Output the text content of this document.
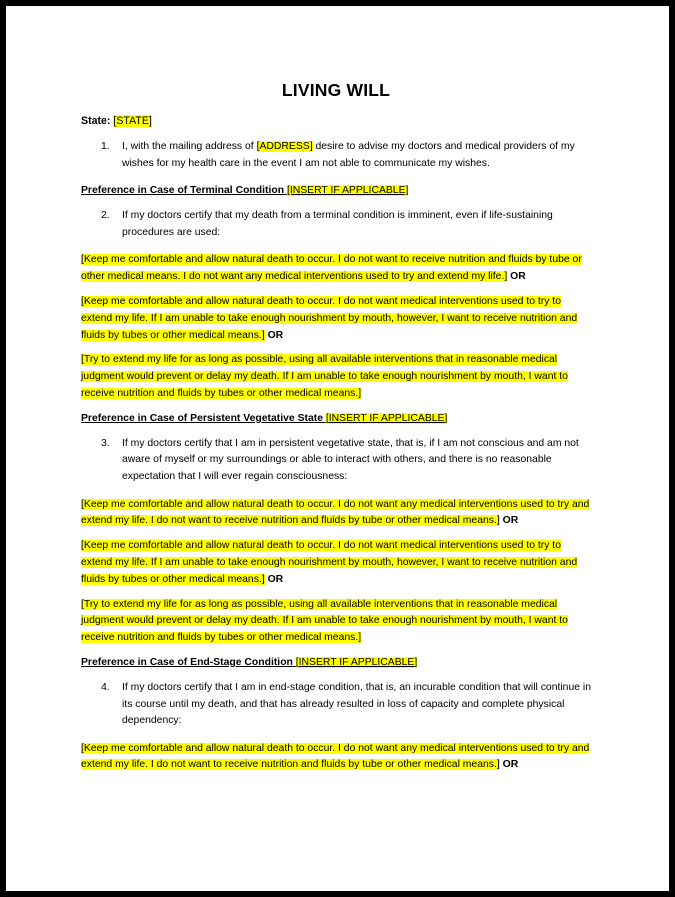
LIVING WILL
State: [STATE]
1. I, with the mailing address of [ADDRESS] desire to advise my doctors and medical providers of my wishes for my health care in the event I am not able to communicate my wishes.
Preference in Case of Terminal Condition [INSERT IF APPLICABLE]
2. If my doctors certify that my death from a terminal condition is imminent, even if life-sustaining procedures are used:
[Keep me comfortable and allow natural death to occur. I do not want to receive nutrition and fluids by tube or other medical means. I do not want any medical interventions used to try and extend my life.] OR
[Keep me comfortable and allow natural death to occur. I do not want medical interventions used to try to extend my life. If I am unable to take enough nourishment by mouth, however, I want to receive nutrition and fluids by tubes or other medical means.] OR
[Try to extend my life for as long as possible, using all available interventions that in reasonable medical judgment would prevent or delay my death. If I am unable to take enough nourishment by mouth, I want to receive nutrition and fluids by tubes or other medical means.]
Preference in Case of Persistent Vegetative State [INSERT IF APPLICABLE]
3. If my doctors certify that I am in persistent vegetative state, that is, if I am not conscious and am not aware of myself or my surroundings or able to interact with others, and there is no reasonable expectation that I will ever regain consciousness:
[Keep me comfortable and allow natural death to occur. I do not want any medical interventions used to try and extend my life. I do not want to receive nutrition and fluids by tube or other medical means.] OR
[Keep me comfortable and allow natural death to occur. I do not want medical interventions used to try to extend my life. If I am unable to take enough nourishment by mouth, however, I want to receive nutrition and fluids by tubes or other medical means.] OR
[Try to extend my life for as long as possible, using all available interventions that in reasonable medical judgment would prevent or delay my death. If I am unable to take enough nourishment by mouth, I want to receive nutrition and fluids by tubes or other medical means.]
Preference in Case of End-Stage Condition [INSERT IF APPLICABLE]
4. If my doctors certify that I am in end-stage condition, that is, an incurable condition that will continue in its course until my death, and that has already resulted in loss of capacity and complete physical dependency:
[Keep me comfortable and allow natural death to occur. I do not want any medical interventions used to try and extend my life. I do not want to receive nutrition and fluids by tube or other medical means.] OR
